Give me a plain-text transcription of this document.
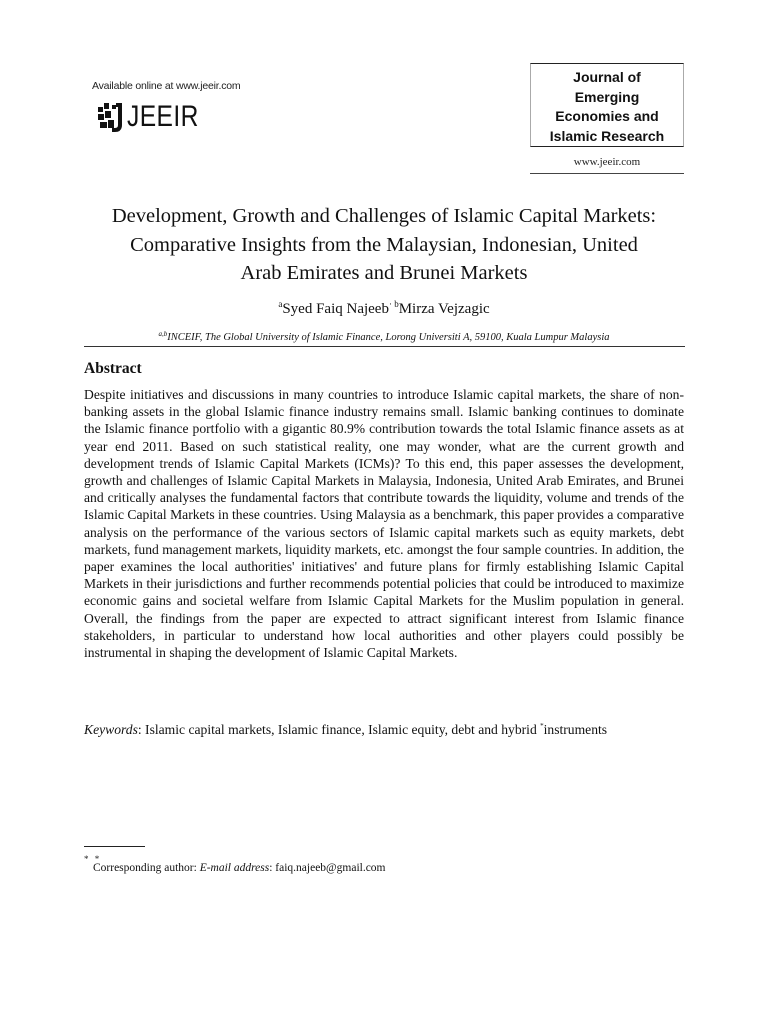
Available online at www.jeeir.com
JEEIR
Journal of
Emerging
Economies and
Islamic Research
www.jeeir.com
Development, Growth and Challenges of Islamic Capital Markets:
Comparative Insights from the Malaysian, Indonesian, United
Arab Emirates and Brunei Markets
$^a$Syed Faiq Najeeb· $^b$Mirza Vejzagic
$^{a,b}$INCEIF, The Global University of Islamic Finance, Lorong Universiti A, 59100, Kuala Lumpur Malaysia
Abstract
Despite initiatives and discussions in many countries to introduce Islamic capital markets, the share of non-banking assets in the global Islamic finance industry remains small. Islamic banking continues to dominate the Islamic finance portfolio with a gigantic 80.9% contribution towards the total Islamic finance assets as at year end 2011. Based on such statistical reality, one may wonder, what are the current growth and development trends of Islamic Capital Markets (ICMs)? To this end, this paper assesses the development, growth and challenges of Islamic Capital Markets in Malaysia, Indonesia, United Arab Emirates, and Brunei and critically analyses the fundamental factors that contribute towards the liquidity, volume and trends of the Islamic Capital Markets in these countries. Using Malaysia as a benchmark, this paper provides a comparative analysis on the performance of the various sectors of Islamic capital markets such as equity markets, debt markets, fund management markets, liquidity markets, etc. amongst the four sample countries. In addition, the paper examines the local authorities' initiatives' and future plans for firmly establishing Islamic Capital Markets in their jurisdictions and further recommends potential policies that could be introduced to maximize economic gains and societal welfare from Islamic Capital Markets for the Muslim population in general. Overall, the findings from the paper are expected to attract significant interest from Islamic finance stakeholders, in particular to understand how local authorities and other players could possibly be instrumental in shaping the development of Islamic Capital Markets.
Keywords: Islamic capital markets, Islamic finance, Islamic equity, debt and hybrid *instruments
* *
Corresponding author: E-mail address: faiq.najeeb@gmail.com
